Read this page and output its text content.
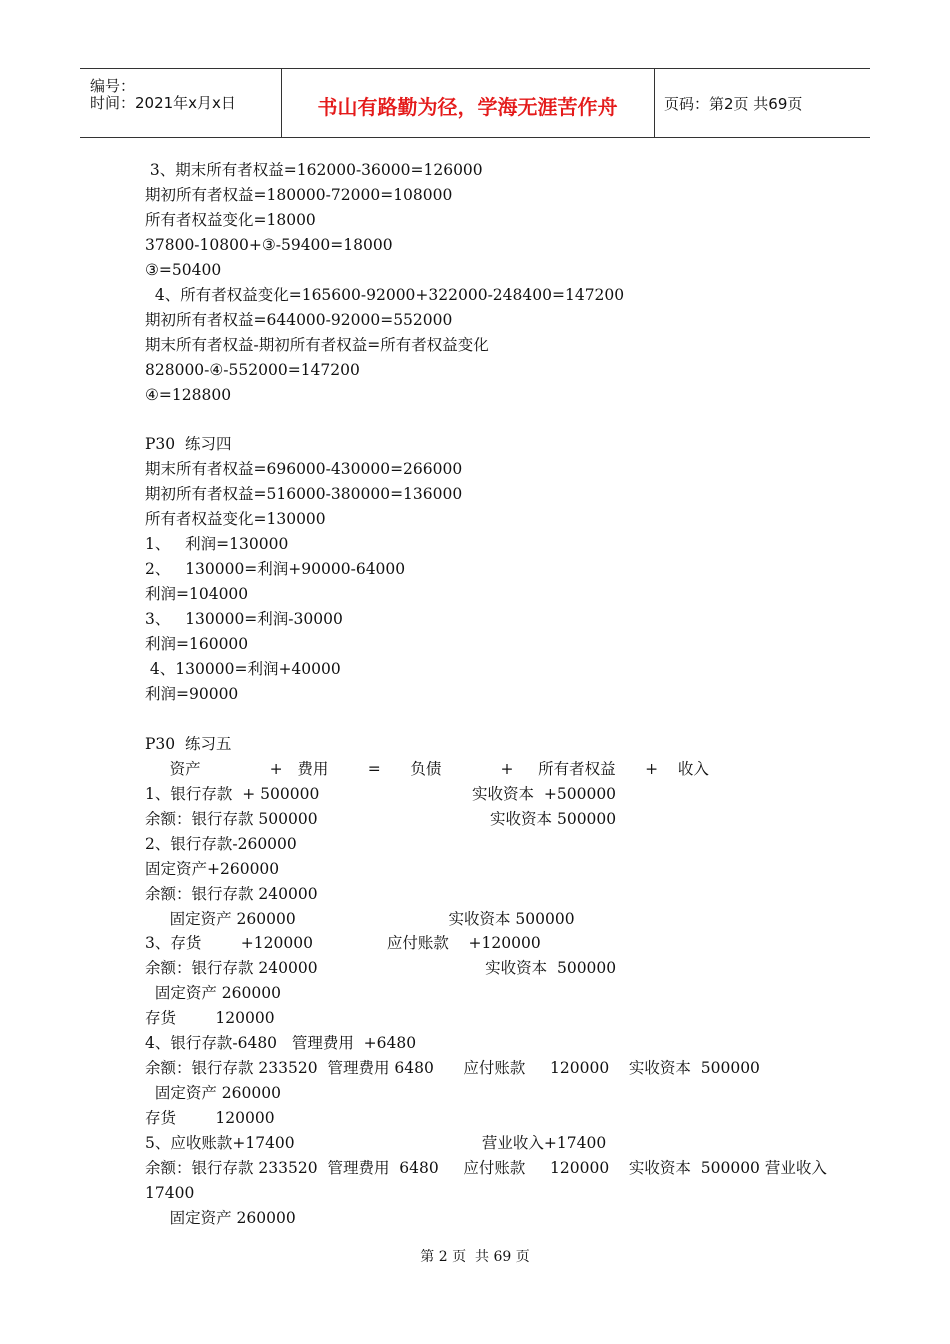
编号：
时间：2021年x月x日	书山有路勤为径，学海无涯苦作舟	页码：第2页 共69页
3、期末所有者权益=162000-36000=126000
期初所有者权益=180000-72000=108000
所有者权益变化=18000
37800-10800+③-59400=18000
③=50400
4、所有者权益变化=165600-92000+322000-248400=147200
期初所有者权益=644000-92000=552000
期末所有者权益-期初所有者权益=所有者权益变化
828000-④-552000=147200
④=128800
P30  练习四
期末所有者权益=696000-430000=266000
期初所有者权益=516000-380000=136000
所有者权益变化=130000
1、   利润=130000
2、   130000=利润+90000-64000
利润=104000
3、   130000=利润-30000
利润=160000
4、130000=利润+40000
利润=90000
P30  练习五
资产              +   费用        =      负债            +     所有者权益      +    收入
1、银行存款  + 500000                               实收资本  +500000
余额：银行存款 500000                                   实收资本 500000
2、银行存款-260000
固定资产+260000
余额：银行存款 240000
固定资产 260000                               实收资本 500000
3、存货        +120000               应付账款    +120000
余额：银行存款 240000                                  实收资本  500000
固定资产 260000
存货        120000
4、银行存款-6480   管理费用  +6480
余额：银行存款 233520  管理费用 6480      应付账款     120000    实收资本  500000
固定资产 260000
存货        120000
5、应收账款+17400                                      营业收入+17400
余额：银行存款 233520  管理费用  6480     应付账款     120000    实收资本  500000 营业收入
17400
固定资产 260000
第 2 页  共 69 页
